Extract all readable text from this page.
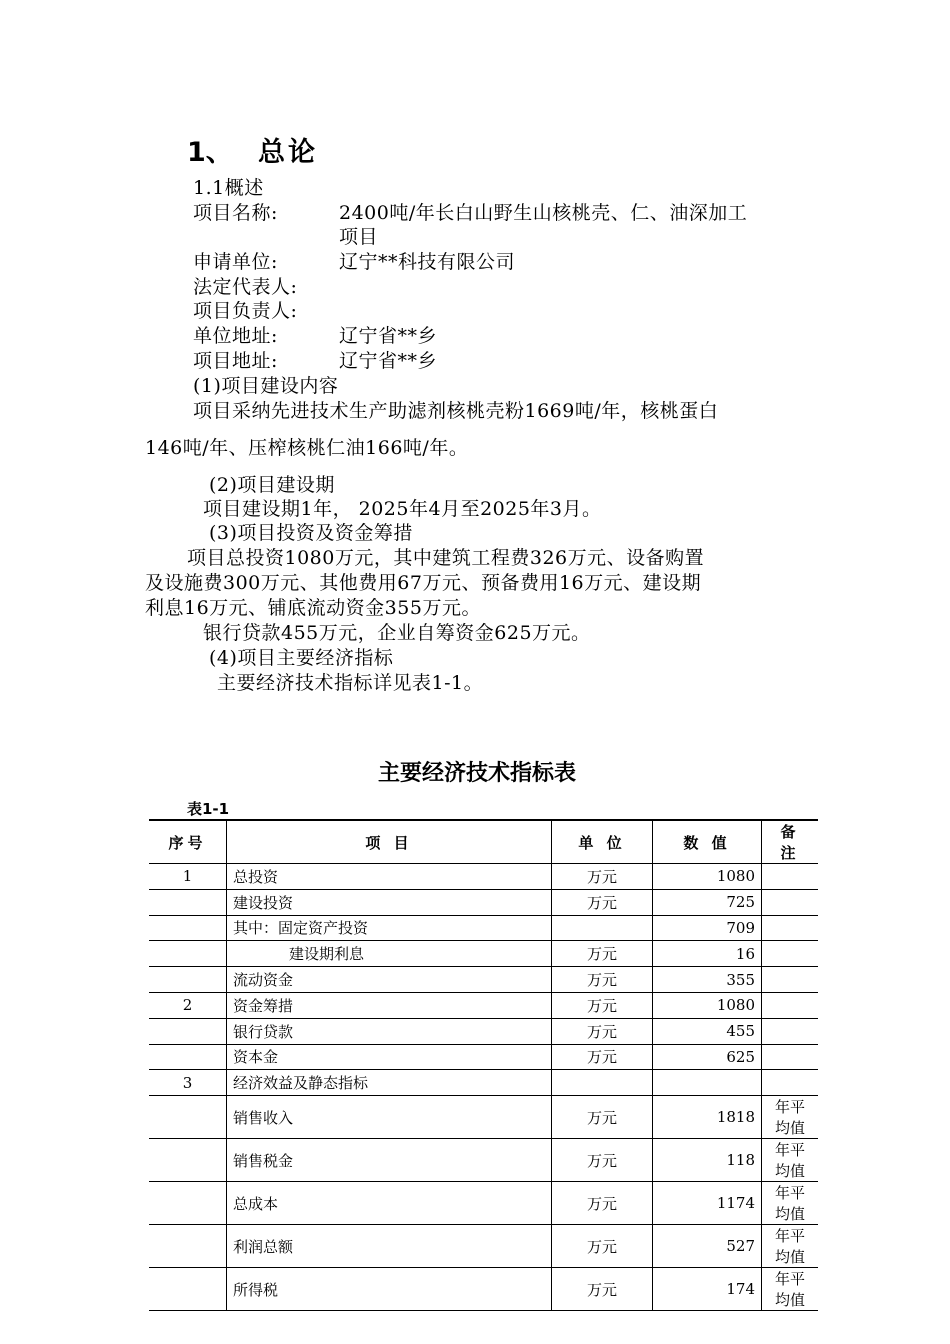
1、 总论
1.1概述
项目名称:	2400吨/年长白山野生山核桃壳、仁、油深加工
项目
申请单位:	辽宁**科技有限公司
法定代表人:
项目负责人:
单位地址:	辽宁省**乡
项目地址:	辽宁省**乡
(1)项目建设内容
项目采纳先进技术生产助滤剂核桃壳粉1669吨/年，核桃蛋白
146吨/年、压榨核桃仁油166吨/年。
(2)项目建设期
项目建设期1年， 2025年4月至2025年3月。
(3)项目投资及资金筹措
项目总投资1080万元，其中建筑工程费326万元、设备购置
及设施费300万元、其他费用67万元、预备费用16万元、建设期
利息16万元、铺底流动资金355万元。
银行贷款455万元，企业自筹资金625万元。
(4)项目主要经济指标
主要经济技术指标详见表1-1。
主要经济技术指标表
表1-1
序号	项 目	单 位	数 值	备 注
1	总投资	万元	1080	
	建设投资	万元	725	
	其中：固定资产投资		709	
	建设期利息	万元	16	
	流动资金	万元	355	
2	资金筹措	万元	1080	
	银行贷款	万元	455	
	资本金	万元	625	
3	经济效益及静态指标			
	销售收入	万元	1818	年平均值
	销售税金	万元	118	年平均值
	总成本	万元	1174	年平均值
	利润总额	万元	527	年平均值
	所得税	万元	174	年平均值
